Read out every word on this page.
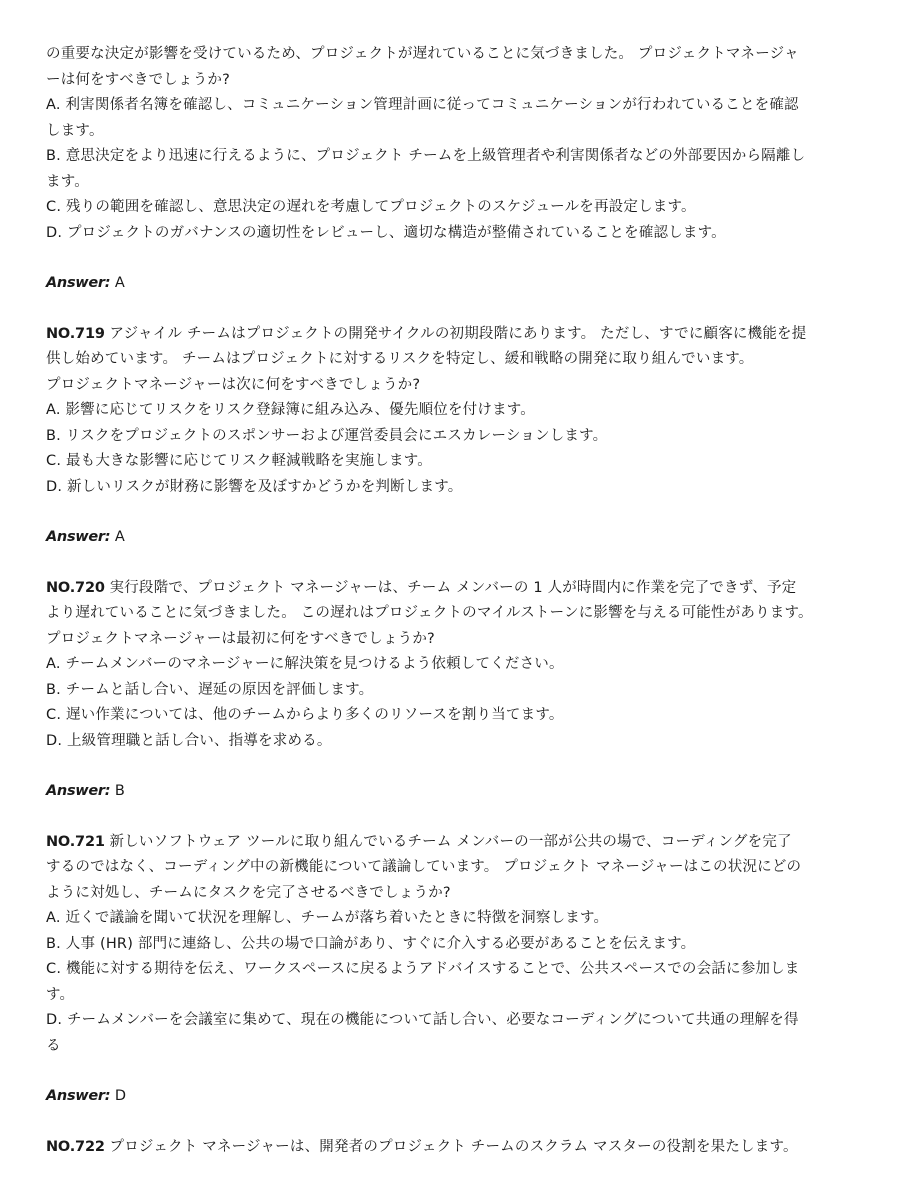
の重要な決定が影響を受けているため、プロジェクトが遅れていることに気づきました。 プロジェクトマネージャ
ーは何をすべきでしょうか?
A. 利害関係者名簿を確認し、コミュニケーション管理計画に従ってコミュニケーションが行われていることを確認
します。
B. 意思決定をより迅速に行えるように、プロジェクト チームを上級管理者や利害関係者などの外部要因から隔離し
ます。
C. 残りの範囲を確認し、意思決定の遅れを考慮してプロジェクトのスケジュールを再設定します。
D. プロジェクトのガバナンスの適切性をレビューし、適切な構造が整備されていることを確認します。
Answer: A
NO.719 アジャイル チームはプロジェクトの開発サイクルの初期段階にあります。 ただし、すでに顧客に機能を提
供し始めています。 チームはプロジェクトに対するリスクを特定し、緩和戦略の開発に取り組んでいます。
プロジェクトマネージャーは次に何をすべきでしょうか?
A. 影響に応じてリスクをリスク登録簿に組み込み、優先順位を付けます。
B. リスクをプロジェクトのスポンサーおよび運営委員会にエスカレーションします。
C. 最も大きな影響に応じてリスク軽減戦略を実施します。
D. 新しいリスクが財務に影響を及ぼすかどうかを判断します。
Answer: A
NO.720 実行段階で、プロジェクト マネージャーは、チーム メンバーの 1 人が時間内に作業を完了できず、予定
より遅れていることに気づきました。 この遅れはプロジェクトのマイルストーンに影響を与える可能性があります。
プロジェクトマネージャーは最初に何をすべきでしょうか?
A. チームメンバーのマネージャーに解決策を見つけるよう依頼してください。
B. チームと話し合い、遅延の原因を評価します。
C. 遅い作業については、他のチームからより多くのリソースを割り当てます。
D. 上級管理職と話し合い、指導を求める。
Answer: B
NO.721 新しいソフトウェア ツールに取り組んでいるチーム メンバーの一部が公共の場で、コーディングを完了
するのではなく、コーディング中の新機能について議論しています。 プロジェクト マネージャーはこの状況にどの
ように対処し、チームにタスクを完了させるべきでしょうか?
A. 近くで議論を聞いて状況を理解し、チームが落ち着いたときに特徴を洞察します。
B. 人事 (HR) 部門に連絡し、公共の場で口論があり、すぐに介入する必要があることを伝えます。
C. 機能に対する期待を伝え、ワークスペースに戻るようアドバイスすることで、公共スペースでの会話に参加しま
す。
D. チームメンバーを会議室に集めて、現在の機能について話し合い、必要なコーディングについて共通の理解を得
る
Answer: D
NO.722 プロジェクト マネージャーは、開発者のプロジェクト チームのスクラム マスターの役割を果たします。
